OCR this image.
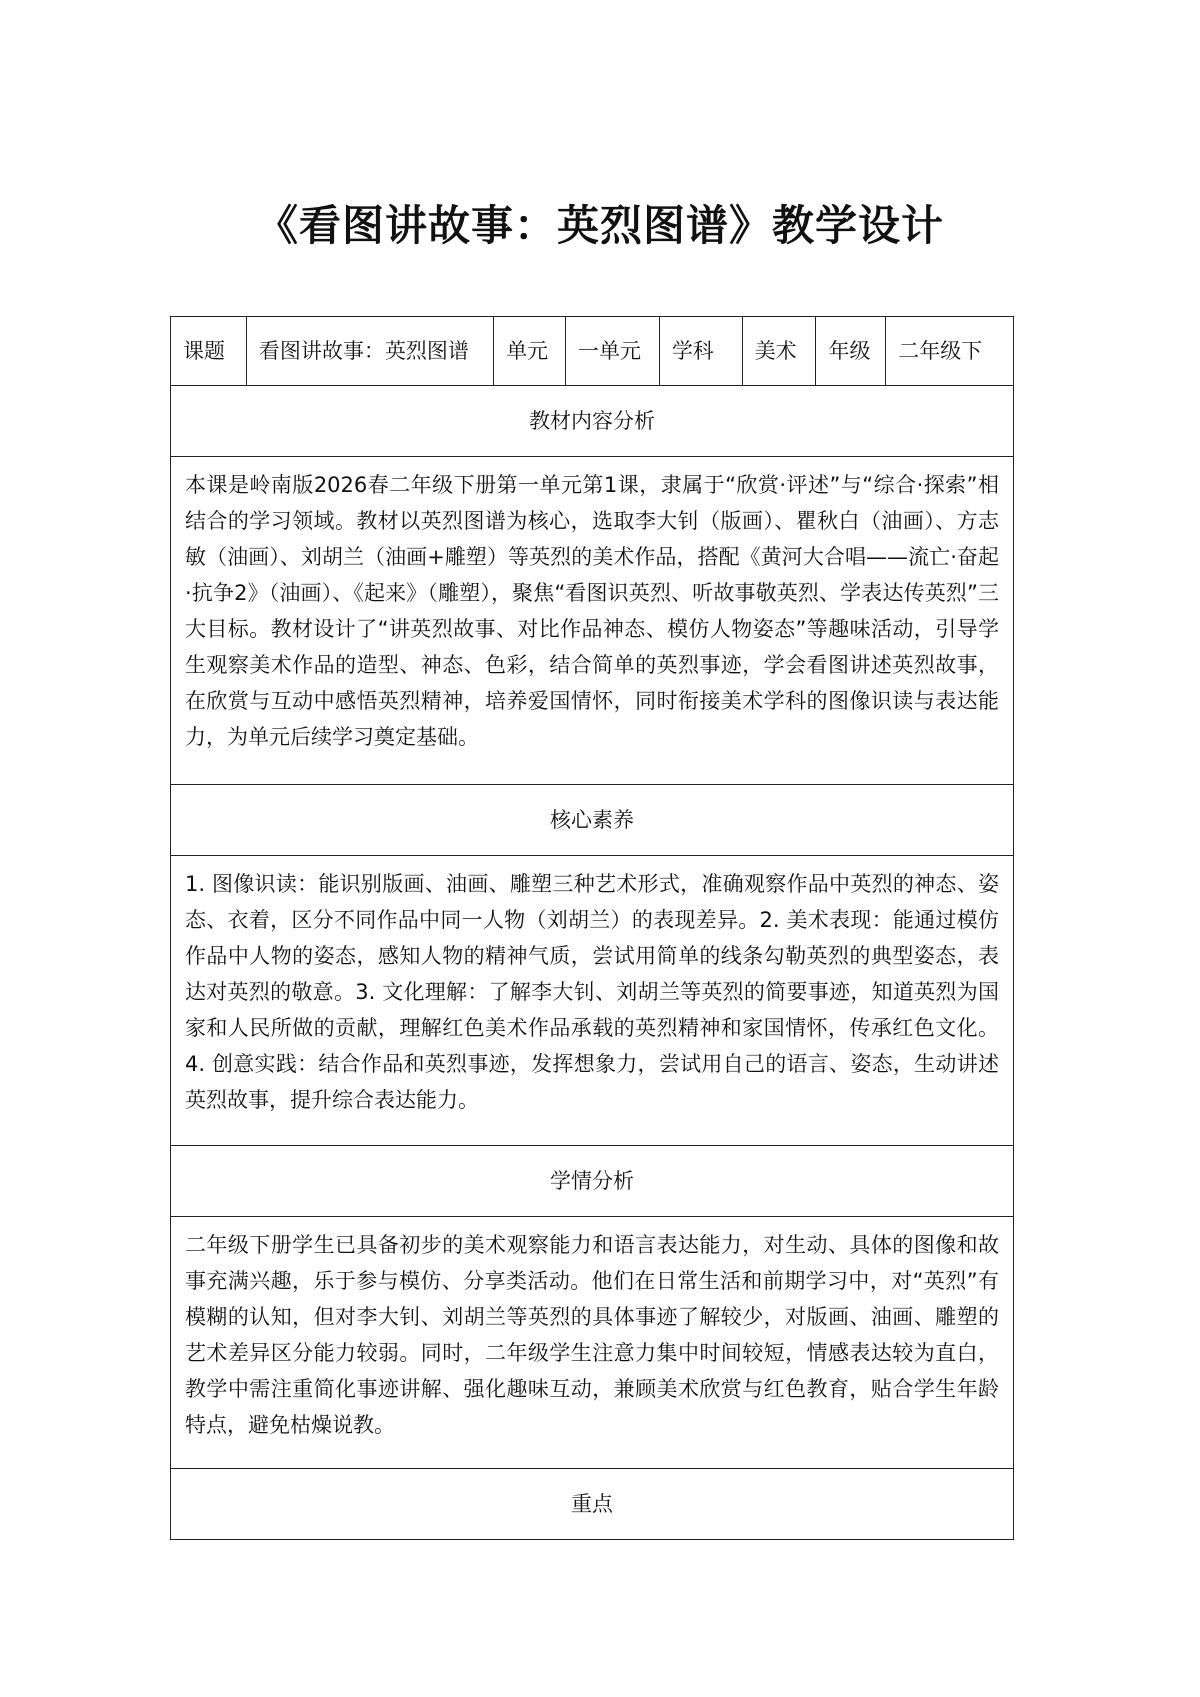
《看图讲故事：英烈图谱》教学设计
课题	看图讲故事：英烈图谱	单元	一单元	学科	美术	年级	二年级下
教材内容分析
本课是岭南版2026春二年级下册第一单元第1课，隶属于“欣赏·评述”与“综合·探索”相结合的学习领域。教材以英烈图谱为核心，选取李大钊（版画）、瞿秋白（油画）、方志敏（油画）、刘胡兰（油画+雕塑）等英烈的美术作品，搭配《黄河大合唱——流亡·奋起·抗争2》（油画）、《起来》（雕塑），聚焦“看图识英烈、听故事敬英烈、学表达传英烈”三大目标。教材设计了“讲英烈故事、对比作品神态、模仿人物姿态”等趣味活动，引导学生观察美术作品的造型、神态、色彩，结合简单的英烈事迹，学会看图讲述英烈故事，在欣赏与互动中感悟英烈精神，培养爱国情怀，同时衔接美术学科的图像识读与表达能力，为单元后续学习奠定基础。
核心素养
1. 图像识读：能识别版画、油画、雕塑三种艺术形式，准确观察作品中英烈的神态、姿态、衣着，区分不同作品中同一人物（刘胡兰）的表现差异。2. 美术表现：能通过模仿作品中人物的姿态，感知人物的精神气质，尝试用简单的线条勾勒英烈的典型姿态，表达对英烈的敬意。3. 文化理解：了解李大钊、刘胡兰等英烈的简要事迹，知道英烈为国家和人民所做的贡献，理解红色美术作品承载的英烈精神和家国情怀，传承红色文化。4. 创意实践：结合作品和英烈事迹，发挥想象力，尝试用自己的语言、姿态，生动讲述英烈故事，提升综合表达能力。
学情分析
二年级下册学生已具备初步的美术观察能力和语言表达能力，对生动、具体的图像和故事充满兴趣，乐于参与模仿、分享类活动。他们在日常生活和前期学习中，对“英烈”有模糊的认知，但对李大钊、刘胡兰等英烈的具体事迹了解较少，对版画、油画、雕塑的艺术差异区分能力较弱。同时，二年级学生注意力集中时间较短，情感表达较为直白，教学中需注重简化事迹讲解、强化趣味互动，兼顾美术欣赏与红色教育，贴合学生年龄特点，避免枯燥说教。
重点
